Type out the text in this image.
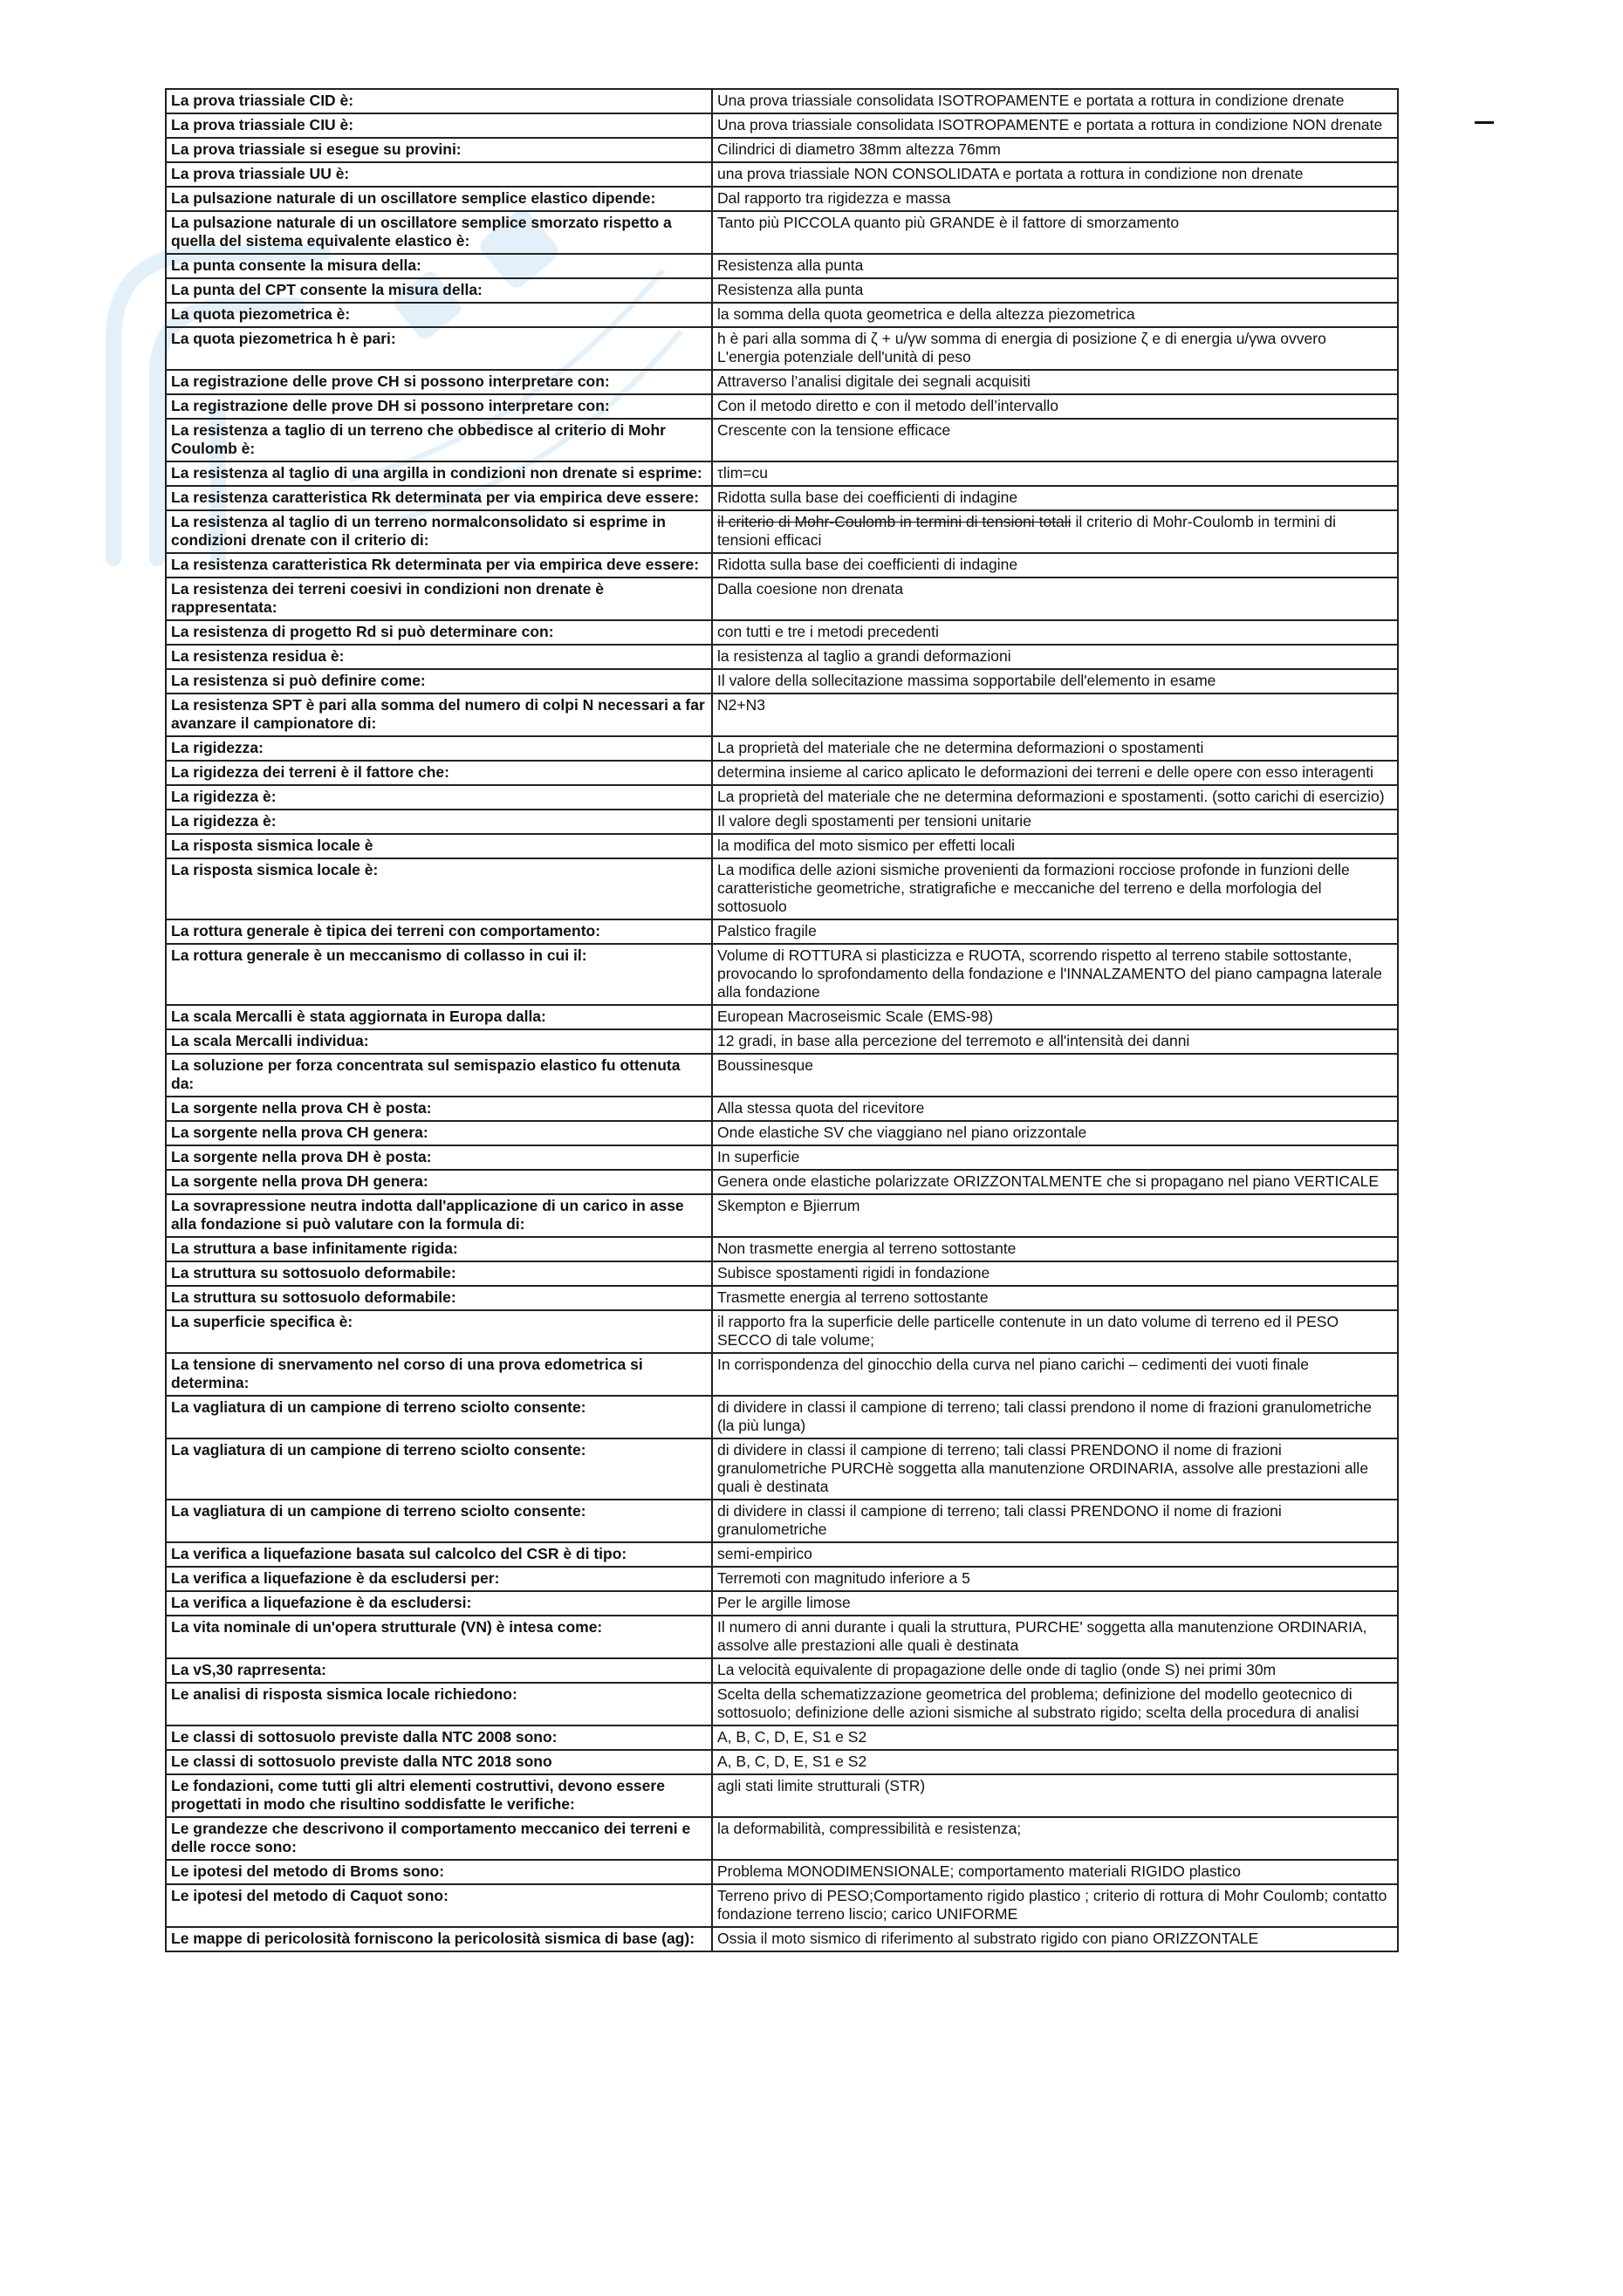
La prova triassiale CID è:	Una prova triassiale consolidata ISOTROPAMENTE e portata a rottura in condizione drenate
La prova triassiale CIU è:	Una prova triassiale consolidata ISOTROPAMENTE e portata a rottura in condizione NON drenate
La prova triassiale si esegue su provini:	Cilindrici di diametro 38mm altezza 76mm
La prova triassiale UU è:	una prova triassiale NON CONSOLIDATA e portata a rottura in condizione non drenate
La pulsazione naturale di un oscillatore semplice elastico dipende:	Dal rapporto tra rigidezza e massa
La pulsazione naturale di un oscillatore semplice smorzato rispetto a quella del sistema equivalente elastico è:	Tanto più PICCOLA quanto più GRANDE è il fattore di smorzamento
La punta consente la misura della:	Resistenza alla punta
La punta del CPT consente la misura della:	Resistenza alla punta
La quota piezometrica è:	la somma della quota geometrica e della altezza piezometrica
La quota piezometrica h è pari:	h è pari alla somma di ζ + u/γw somma di energia di posizione ζ e di energia u/γwa ovvero L'energia potenziale dell'unità di peso
La registrazione delle prove CH si possono interpretare con:	Attraverso l’analisi digitale dei segnali acquisiti
La registrazione delle prove DH si possono interpretare con:	Con il metodo diretto e con il metodo dell’intervallo
La resistenza a taglio di un terreno che obbedisce al criterio di Mohr Coulomb è:	Crescente con la tensione efficace
La resistenza al taglio di una argilla in condizioni non drenate si esprime:	τlim=cu
La resistenza caratteristica Rk determinata per via empirica deve essere:	Ridotta sulla base dei coefficienti di indagine
La resistenza al taglio di un terreno normalconsolidato si esprime in condizioni drenate con il criterio di:	il criterio di Mohr-Coulomb in termini di tensioni totali il criterio di Mohr-Coulomb in termini di tensioni efficaci
La resistenza caratteristica Rk determinata per via empirica deve essere:	Ridotta sulla base dei coefficienti di indagine
La resistenza dei terreni coesivi in condizioni non drenate è rappresentata:	Dalla coesione non drenata
La resistenza di progetto Rd si può determinare con:	con tutti e tre i metodi precedenti
La resistenza residua è:	la resistenza al taglio a grandi deformazioni
La resistenza si può definire come:	Il valore della sollecitazione massima sopportabile dell'elemento in esame
La resistenza SPT è pari alla somma del numero di colpi N necessari a far avanzare il campionatore di:	N2+N3
La rigidezza:	La proprietà del materiale che ne determina deformazioni o spostamenti
La rigidezza dei terreni è il fattore che:	determina insieme al carico aplicato le deformazioni dei terreni e delle opere con esso interagenti
La rigidezza è:	La proprietà del materiale che ne determina deformazioni e spostamenti. (sotto carichi di esercizio)
La rigidezza è:	Il valore degli spostamenti per tensioni unitarie
La risposta sismica locale è	la modifica del moto sismico per effetti locali
La risposta sismica locale è:	La modifica delle azioni sismiche provenienti da formazioni rocciose profonde in funzioni delle caratteristiche geometriche, stratigrafiche e meccaniche del terreno e della morfologia del sottosuolo
La rottura generale è tipica dei terreni con comportamento:	Palstico fragile
La rottura generale è un meccanismo di collasso in cui il:	Volume di ROTTURA si plasticizza e RUOTA, scorrendo rispetto al terreno stabile sottostante, provocando lo sprofondamento della fondazione e l'INNALZAMENTO del piano campagna laterale alla fondazione
La scala Mercalli è stata aggiornata in Europa dalla:	European Macroseismic Scale (EMS-98)
La scala Mercalli individua:	12 gradi, in base alla percezione del terremoto e all'intensità dei danni
La soluzione per forza concentrata sul semispazio elastico fu ottenuta da:	Boussinesque
La sorgente nella prova CH è posta:	Alla stessa quota del ricevitore
La sorgente nella prova CH genera:	Onde elastiche SV che viaggiano nel piano orizzontale
La sorgente nella prova DH è posta:	In superficie
La sorgente nella prova DH genera:	Genera onde elastiche polarizzate ORIZZONTALMENTE che si propagano nel piano VERTICALE
La sovrapressione neutra indotta dall'applicazione di un carico in asse alla fondazione si può valutare con la formula di:	Skempton e Bjierrum
La struttura a base infinitamente rigida:	Non trasmette energia al terreno sottostante
La struttura su sottosuolo deformabile:	Subisce spostamenti rigidi in fondazione
La struttura su sottosuolo deformabile:	Trasmette energia al terreno sottostante
La superficie specifica è:	il rapporto fra la superficie delle particelle contenute in un dato volume di terreno ed il PESO SECCO di tale volume;
La tensione di snervamento nel corso di una prova edometrica si determina:	In corrispondenza del ginocchio della curva nel piano carichi – cedimenti dei vuoti finale
La vagliatura di un campione di terreno sciolto consente:	di dividere in classi il campione di terreno; tali classi prendono il nome di frazioni granulometriche (la più lunga)
La vagliatura di un campione di terreno sciolto consente:	di dividere in classi il campione di terreno; tali classi PRENDONO il nome di frazioni granulometriche PURCHè soggetta alla manutenzione ORDINARIA, assolve alle prestazioni alle quali è destinata
La vagliatura di un campione di terreno sciolto consente:	di dividere in classi il campione di terreno; tali classi PRENDONO il nome di frazioni granulometriche
La verifica a liquefazione basata sul calcolco del CSR è di tipo:	semi-empirico
La verifica a liquefazione è da escludersi per:	Terremoti con magnitudo inferiore a 5
La verifica a liquefazione è da escludersi:	Per le argille limose
La vita nominale di un'opera strutturale (VN) è intesa come:	Il numero di anni durante i quali la struttura, PURCHE' soggetta alla manutenzione ORDINARIA, assolve alle prestazioni alle quali è destinata
La vS,30 raprresenta:	La velocità equivalente di propagazione delle onde di taglio (onde S) nei primi 30m
Le analisi di risposta sismica locale richiedono:	Scelta della schematizzazione geometrica del problema; definizione del modello geotecnico di sottosuolo; definizione delle azioni sismiche al substrato rigido; scelta della procedura di analisi
Le classi di sottosuolo previste dalla NTC 2008 sono:	A, B, C, D, E, S1 e S2
Le classi di sottosuolo previste dalla NTC 2018 sono	A, B, C, D, E, S1 e S2
Le fondazioni, come tutti gli altri elementi costruttivi, devono essere progettati in modo che risultino soddisfatte le verifiche:	agli stati limite strutturali (STR)
Le grandezze che descrivono il comportamento meccanico dei terreni e delle rocce sono:	la deformabilità, compressibilità e resistenza;
Le ipotesi del metodo di Broms sono:	Problema MONODIMENSIONALE; comportamento materiali RIGIDO plastico
Le ipotesi del metodo di Caquot sono:	Terreno privo di PESO;Comportamento rigido plastico ; criterio di rottura di Mohr Coulomb; contatto fondazione terreno liscio; carico UNIFORME
Le mappe di pericolosità forniscono la pericolosità sismica di base (ag):	Ossia il moto sismico di riferimento al substrato rigido con piano ORIZZONTALE
